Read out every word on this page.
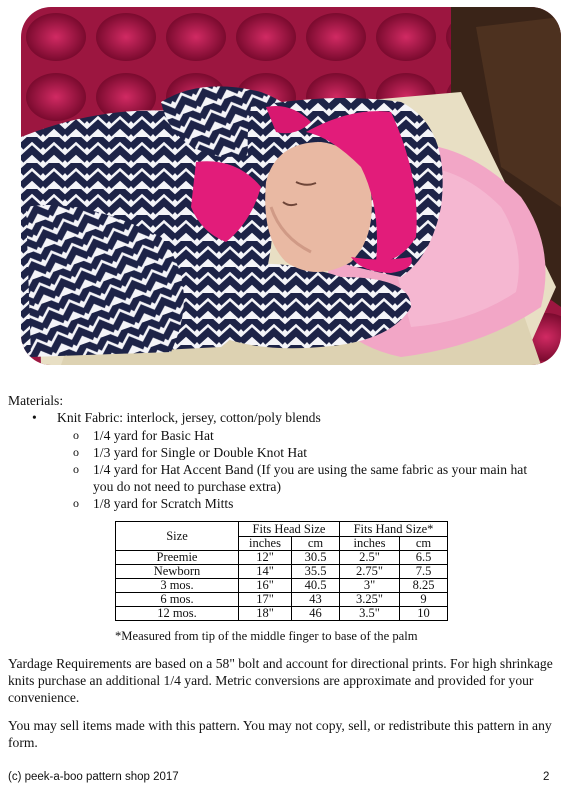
Materials:

• Knit Fabric: interlock, jersey, cotton/poly blends
o 1/4 yard for Basic Hat
o 1/3 yard for Single or Double Knot Hat
o 1/4 yard for Hat Accent Band (If you are using the same fabric as your main hat you do not need to purchase extra)
o 1/8 yard for Scratch Mitts
Size	Fits Head Size		Fits Hand Size*	
	inches	cm	inches	cm
Preemie	12"	30.5	2.5"	6.5
Newborn	14"	35.5	2.75"	7.5
3 mos.	16"	40.5	3"	8.25
6 mos.	17"	43	3.25"	9
12 mos.	18"	46	3.5"	10

*Measured from tip of the middle finger to base of the palm

Yardage Requirements are based on a 58" bolt and account for directional prints. For high shrinkage knits purchase an additional 1/4 yard. Metric conversions are approximate and provided for your convenience.

You may sell items made with this pattern. You may not copy, sell, or redistribute this pattern in any form.

(c) peek-a-boo pattern shop 2017	2
